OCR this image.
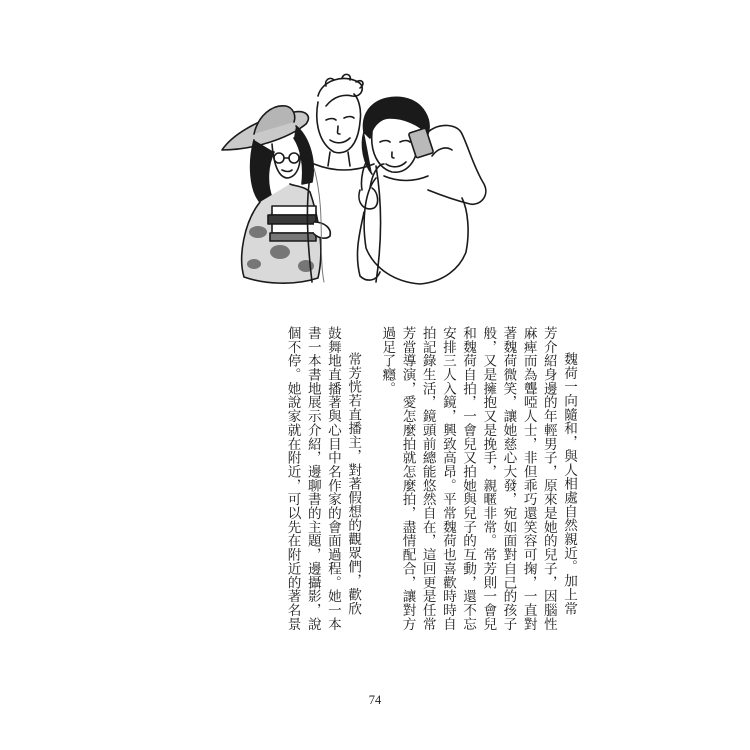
魏荷一向隨和，與人相處自然親近。加上常
芳介紹身邊的年輕男子，原來是她的兒子，因腦性
麻痺而為聾啞人士，非但乖巧還笑容可掬，一直對
著魏荷微笑，讓她慈心大發，宛如面對自己的孩子
般，又是擁抱又是挽手，親暱非常。常芳則一會兒
和魏荷自拍，一會兒又拍她與兒子的互動，還不忘
安排三人入鏡，興致高昂。平常魏荷也喜歡時時自
拍記錄生活，鏡頭前總能悠然自在，這回更是任常
芳當導演，愛怎麼拍就怎麼拍，盡情配合，讓對方
過足了癮。
常芳恍若直播主，對著假想的觀眾們，歡欣
鼓舞地直播著與心目中名作家的會面過程。她一本
書一本書地展示介紹，邊聊書的主題，邊攝影，說
個不停。她說家就在附近，可以先在附近的著名景
74
